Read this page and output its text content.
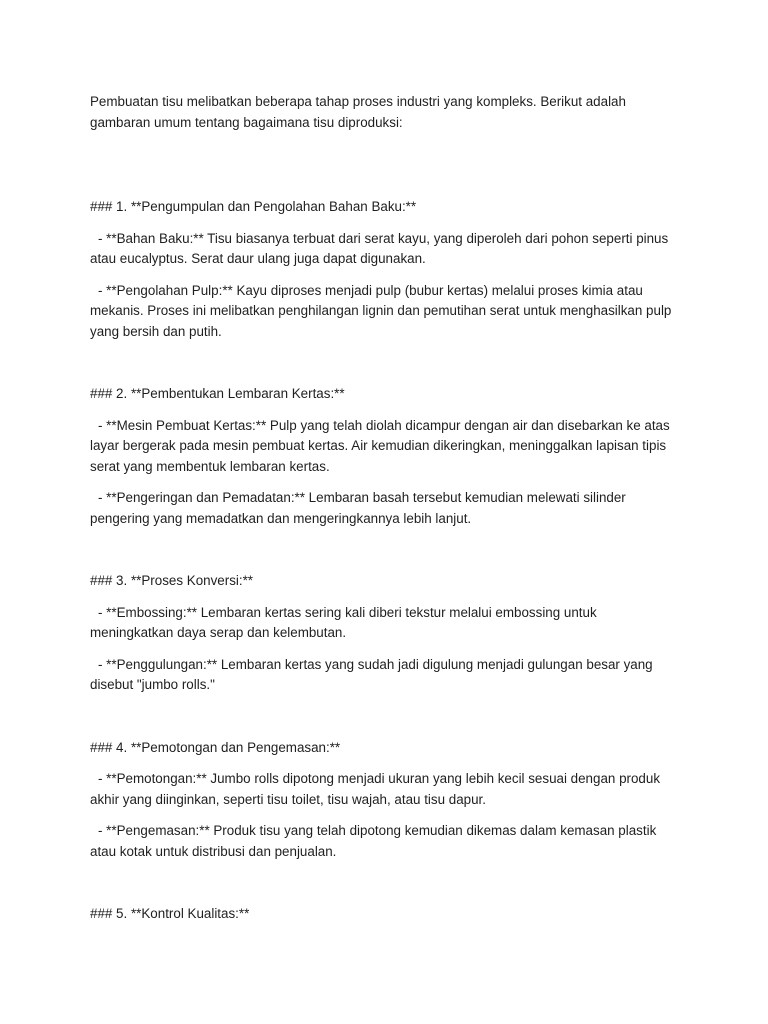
Pembuatan tisu melibatkan beberapa tahap proses industri yang kompleks. Berikut adalah gambaran umum tentang bagaimana tisu diproduksi:

### 1. **Pengumpulan dan Pengolahan Bahan Baku:**

- **Bahan Baku:** Tisu biasanya terbuat dari serat kayu, yang diperoleh dari pohon seperti pinus atau eucalyptus. Serat daur ulang juga dapat digunakan.
- **Pengolahan Pulp:** Kayu diproses menjadi pulp (bubur kertas) melalui proses kimia atau mekanis. Proses ini melibatkan penghilangan lignin dan pemutihan serat untuk menghasilkan pulp yang bersih dan putih.

### 2. **Pembentukan Lembaran Kertas:**

- **Mesin Pembuat Kertas:** Pulp yang telah diolah dicampur dengan air dan disebarkan ke atas layar bergerak pada mesin pembuat kertas. Air kemudian dikeringkan, meninggalkan lapisan tipis serat yang membentuk lembaran kertas.
- **Pengeringan dan Pemadatan:** Lembaran basah tersebut kemudian melewati silinder pengering yang memadatkan dan mengeringkannya lebih lanjut.

### 3. **Proses Konversi:**

- **Embossing:** Lembaran kertas sering kali diberi tekstur melalui embossing untuk meningkatkan daya serap dan kelembutan.
- **Penggulungan:** Lembaran kertas yang sudah jadi digulung menjadi gulungan besar yang disebut "jumbo rolls."

### 4. **Pemotongan dan Pengemasan:**

- **Pemotongan:** Jumbo rolls dipotong menjadi ukuran yang lebih kecil sesuai dengan produk akhir yang diinginkan, seperti tisu toilet, tisu wajah, atau tisu dapur.
- **Pengemasan:** Produk tisu yang telah dipotong kemudian dikemas dalam kemasan plastik atau kotak untuk distribusi dan penjualan.

### 5. **Kontrol Kualitas:**
